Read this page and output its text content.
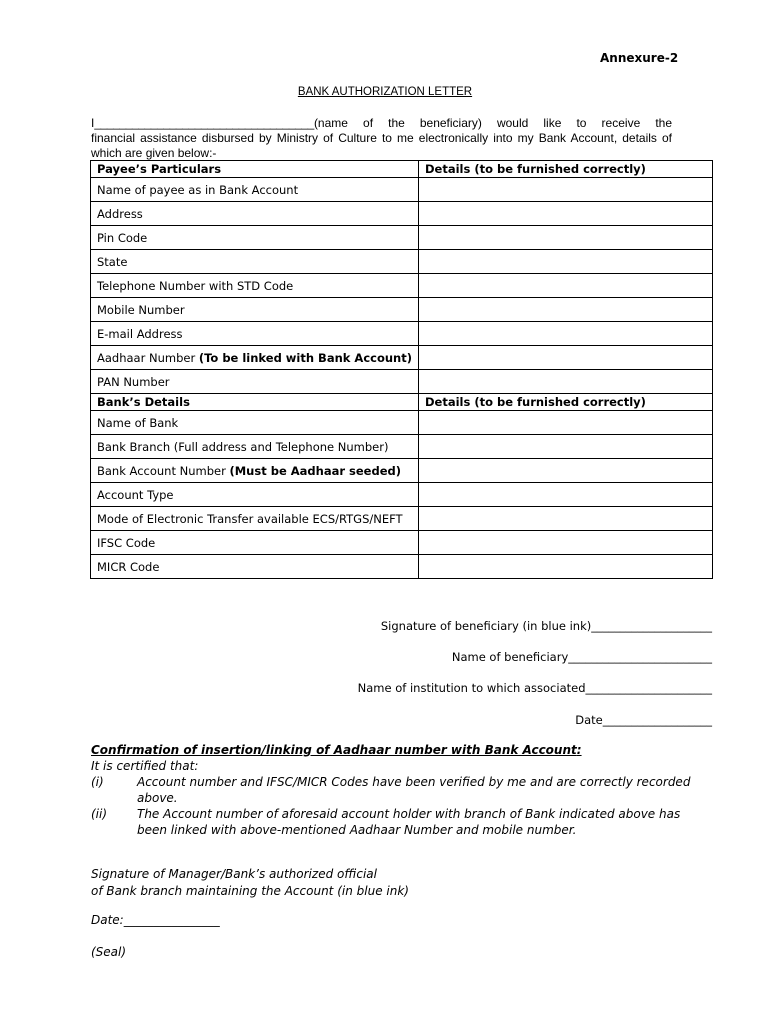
Annexure-2
BANK AUTHORIZATION LETTER
I___________________________________(name of the beneficiary) would like to receive the
financial assistance disbursed by Ministry of Culture to me electronically into my Bank Account, details of which are given below:-
Payee’s Particulars	Details (to be furnished correctly)
Name of payee as in Bank Account	
Address	
Pin Code	
State	
Telephone Number with STD Code	
Mobile Number	
E-mail Address	
Aadhaar Number (To be linked with Bank Account)	
PAN Number	
Bank’s Details	Details (to be furnished correctly)
Name of Bank	
Bank Branch (Full address and Telephone Number)	
Bank Account Number (Must be Aadhaar seeded)	
Account Type	
Mode of Electronic Transfer available ECS/RTGS/NEFT	
IFSC Code	
MICR Code	
Signature of beneficiary (in blue ink)_____________________
Name of beneficiary_________________________
Name of institution to which associated______________________
Date___________________
Confirmation of insertion/linking of Aadhaar number with Bank Account:
It is certified that:
(i)	Account number and IFSC/MICR Codes have been verified by me and are correctly recorded above.
(ii)	The Account number of aforesaid account holder with branch of Bank indicated above has been linked with above-mentioned Aadhaar Number and mobile number.
Signature of Manager/Bank’s authorized official
of Bank branch maintaining the Account (in blue ink)
Date:________________
(Seal)
